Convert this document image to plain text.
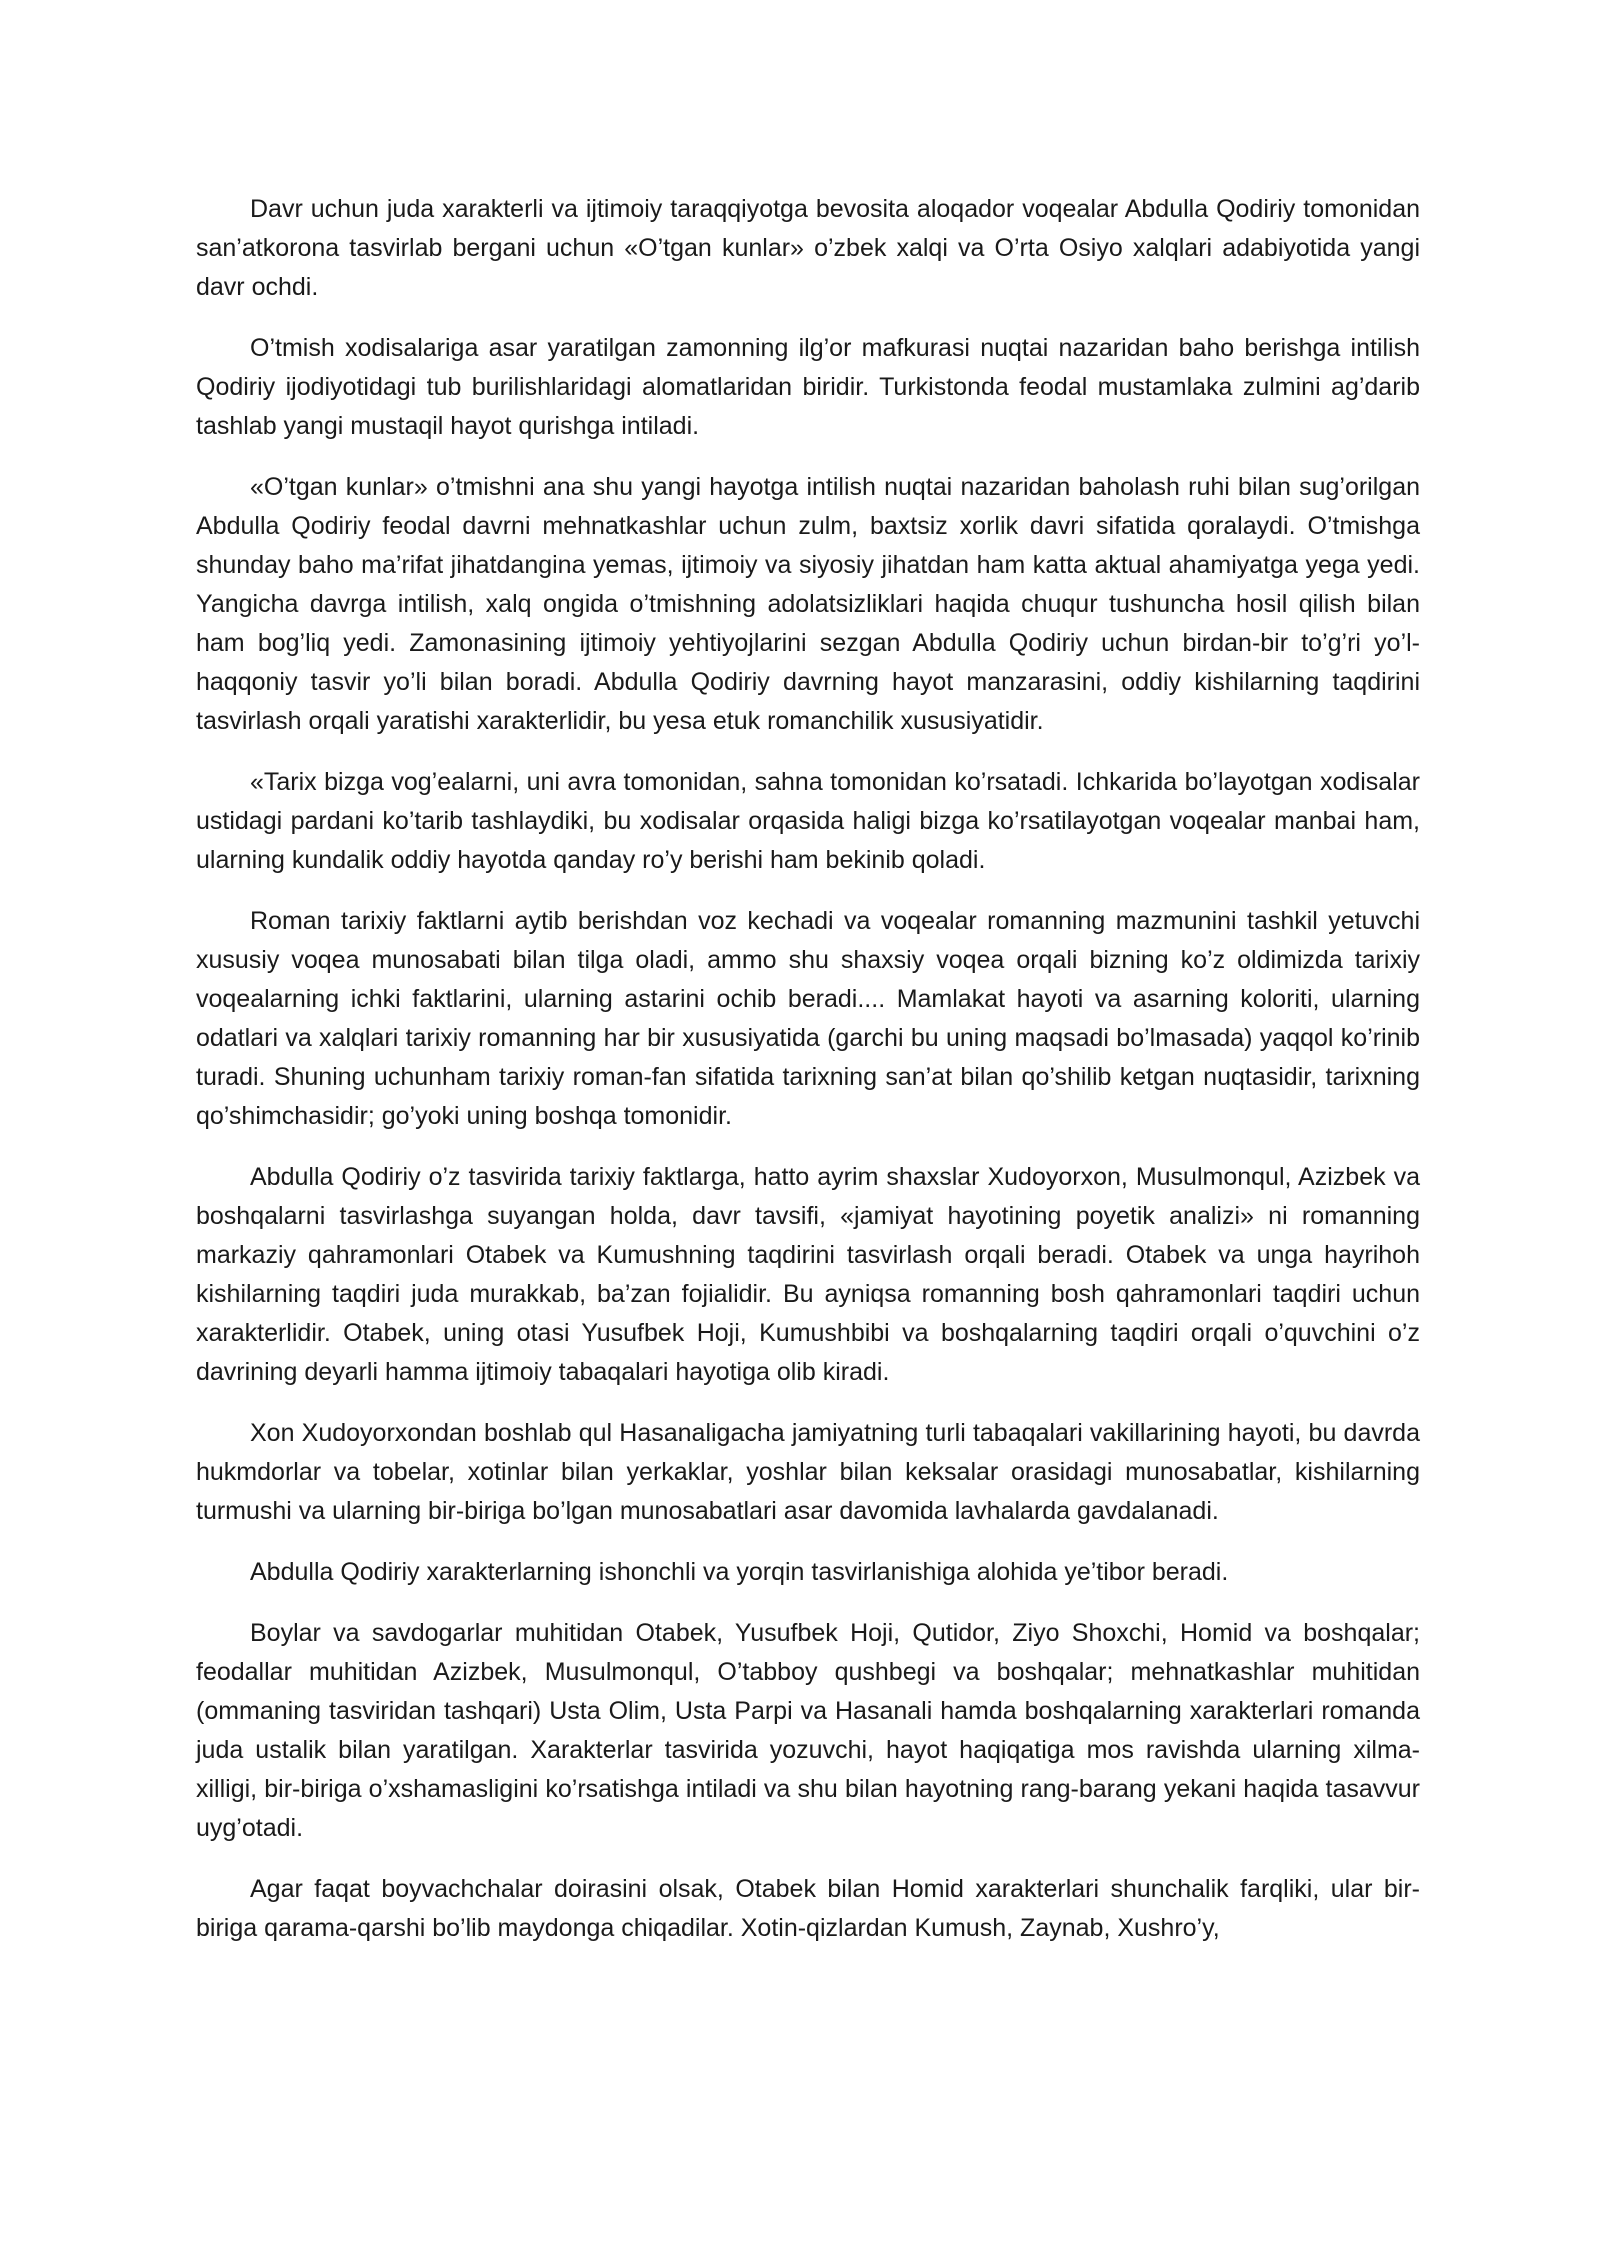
Davr uchun juda xarakterli va ijtimoiy taraqqiyotga bevosita aloqador voqealar Abdulla Qodiriy tomonidan san’atkorona tasvirlab bergani uchun «O’tgan kunlar» o’zbek xalqi va O’rta Osiyo xalqlari adabiyotida yangi davr ochdi.

O’tmish xodisalariga asar yaratilgan zamonning ilg’or mafkurasi nuqtai nazaridan baho berishga intilish Qodiriy ijodiyotidagi tub burilishlaridagi alomatlaridan biridir. Turkistonda feodal mustamlaka zulmini ag’darib tashlab yangi mustaqil hayot qurishga intiladi.

«O’tgan kunlar» o’tmishni ana shu yangi hayotga intilish nuqtai nazaridan baholash ruhi bilan sug’orilgan Abdulla Qodiriy feodal davrni mehnatkashlar uchun zulm, baxtsiz xorlik davri sifatida qoralaydi. O’tmishga shunday baho ma’rifat jihatdangina yemas, ijtimoiy va siyosiy jihatdan ham katta aktual ahamiyatga yega yedi. Yangicha davrga intilish, xalq ongida o’tmishning adolatsizliklari haqida chuqur tushuncha hosil qilish bilan ham bog’liq yedi. Zamonasining ijtimoiy yehtiyojlarini sezgan Abdulla Qodiriy uchun birdan-bir to’g’ri yo’l-haqqoniy tasvir yo’li bilan boradi. Abdulla Qodiriy davrning hayot manzarasini, oddiy kishilarning taqdirini tasvirlash orqali yaratishi xarakterlidir, bu yesa etuk romanchilik xususiyatidir.

«Tarix bizga vog’ealarni, uni avra tomonidan, sahna tomonidan ko’rsatadi. Ichkarida bo’layotgan xodisalar ustidagi pardani ko’tarib tashlaydiki, bu xodisalar orqasida haligi bizga ko’rsatilayotgan voqealar manbai ham, ularning kundalik oddiy hayotda qanday ro’y berishi ham bekinib qoladi.

Roman tarixiy faktlarni aytib berishdan voz kechadi va voqealar romanning mazmunini tashkil yetuvchi xususiy voqea munosabati bilan tilga oladi, ammo shu shaxsiy voqea orqali bizning ko’z oldimizda tarixiy voqealarning ichki faktlarini, ularning astarini ochib beradi.... Mamlakat hayoti va asarning koloriti, ularning odatlari va xalqlari tarixiy romanning har bir xususiyatida (garchi bu uning maqsadi bo’lmasada) yaqqol ko’rinib turadi. Shuning uchunham tarixiy roman-fan sifatida tarixning san’at bilan qo’shilib ketgan nuqtasidir, tarixning qo’shimchasidir; go’yoki uning boshqa tomonidir.

Abdulla Qodiriy o’z tasvirida tarixiy faktlarga, hatto ayrim shaxslar Xudoyorxon, Musulmonqul, Azizbek va boshqalarni tasvirlashga suyangan holda, davr tavsifi, «jamiyat hayotining poyetik analizi» ni romanning markaziy qahramonlari Otabek va Kumushning taqdirini tasvirlash orqali beradi. Otabek va unga hayrihoh kishilarning taqdiri juda murakkab, ba’zan fojialidir. Bu ayniqsa romanning bosh qahramonlari taqdiri uchun xarakterlidir. Otabek, uning otasi Yusufbek Hoji, Kumushbibi va boshqalarning taqdiri orqali o’quvchini o’z davrining deyarli hamma ijtimoiy tabaqalari hayotiga olib kiradi.

Xon Xudoyorxondan boshlab qul Hasanaligacha jamiyatning turli tabaqalari vakillarining hayoti, bu davrda hukmdorlar va tobelar, xotinlar bilan yerkaklar, yoshlar bilan keksalar orasidagi munosabatlar, kishilarning turmushi va ularning bir-biriga bo’lgan munosabatlari asar davomida lavhalarda gavdalanadi.

Abdulla Qodiriy xarakterlarning ishonchli va yorqin tasvirlanishiga alohida ye’tibor beradi.

Boylar va savdogarlar muhitidan Otabek, Yusufbek Hoji, Qutidor, Ziyo Shoxchi, Homid va boshqalar; feodallar muhitidan Azizbek, Musulmonqul, O’tabboy qushbegi va boshqalar; mehnatkashlar muhitidan (ommaning tasviridan tashqari) Usta Olim, Usta Parpi va Hasanali hamda boshqalarning xarakterlari romanda juda ustalik bilan yaratilgan. Xarakterlar tasvirida yozuvchi, hayot haqiqatiga mos ravishda ularning xilma-xilligi, bir-biriga o’xshamasligini ko’rsatishga intiladi va shu bilan hayotning rang-barang yekani haqida tasavvur uyg’otadi.

Agar faqat boyvachchalar doirasini olsak, Otabek bilan Homid xarakterlari shunchalik farqliki, ular bir-biriga qarama-qarshi bo’lib maydonga chiqadilar. Xotin-qizlardan Kumush, Zaynab, Xushro’y,
